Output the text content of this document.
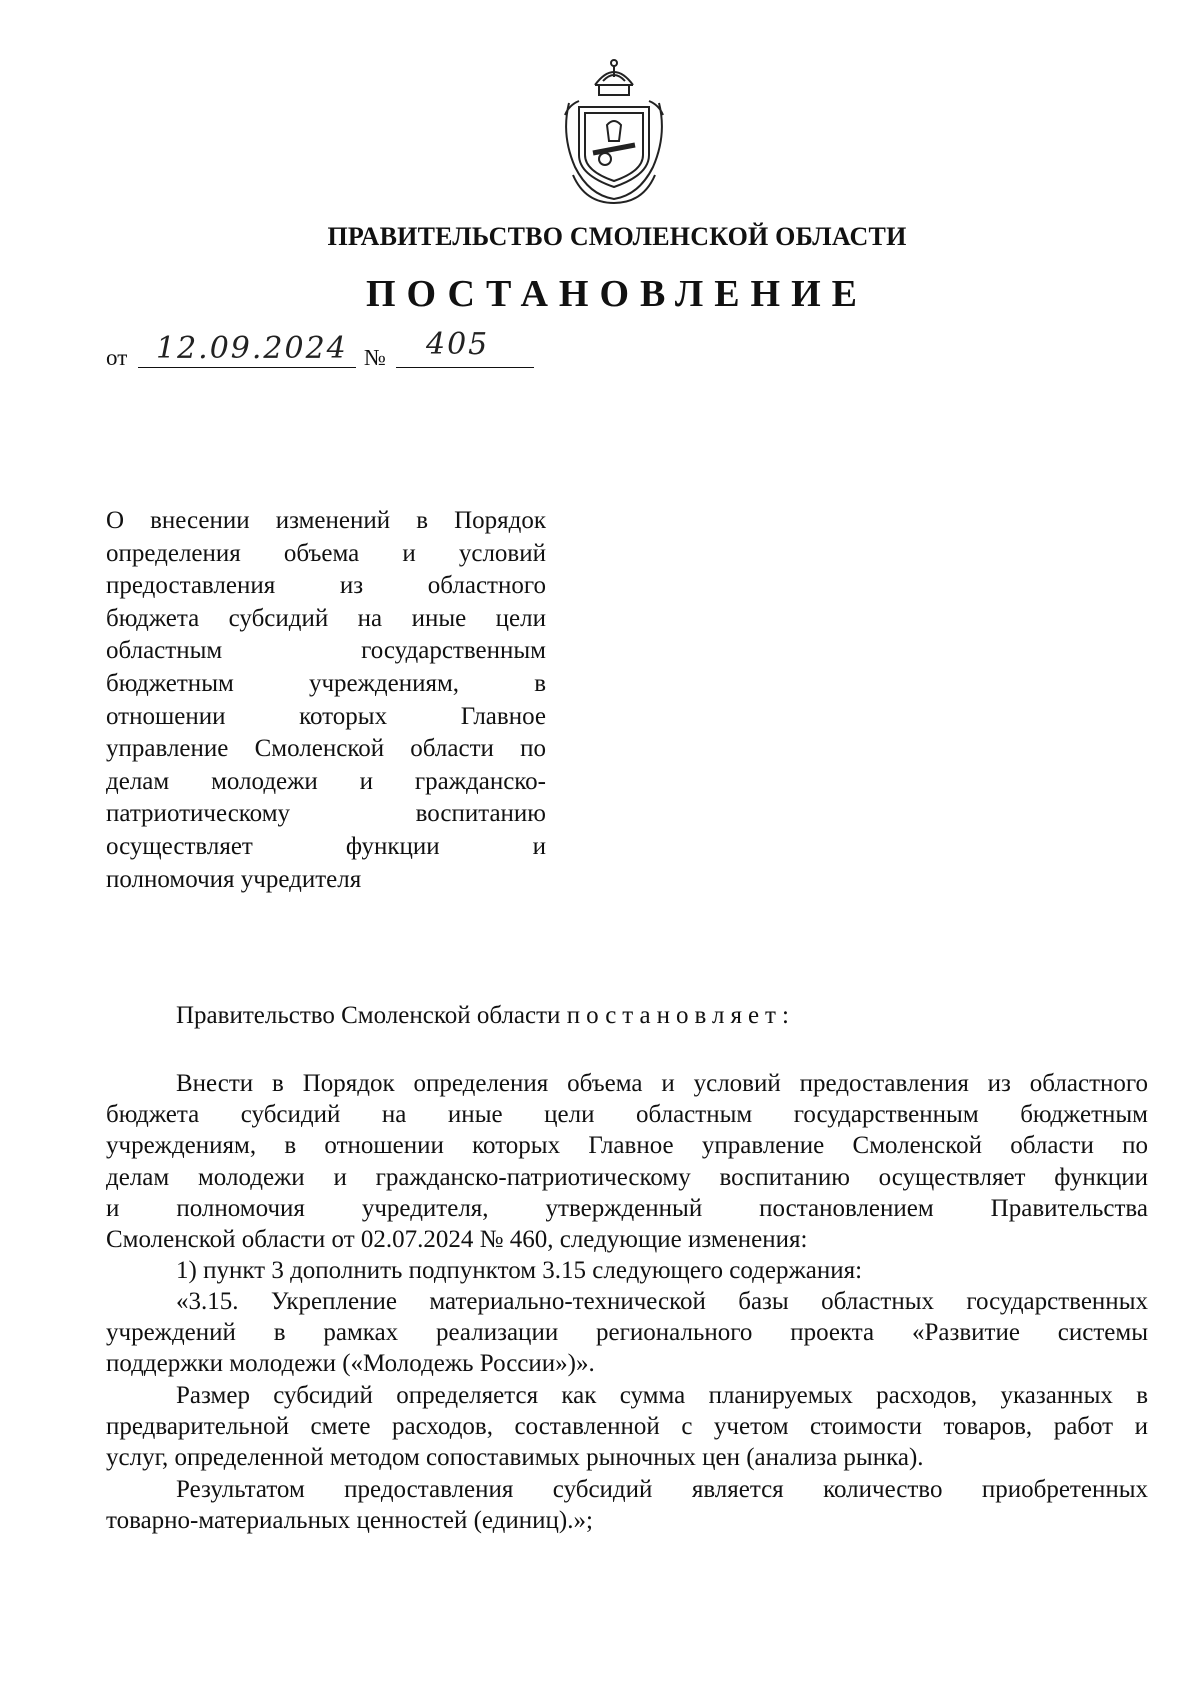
ПРАВИТЕЛЬСТВО СМОЛЕНСКОЙ ОБЛАСТИ
ПОСТАНОВЛЕНИЕ
от 12.09.2024 № 405
О внесении изменений в Порядок
определения объема и условий
предоставления из областного
бюджета субсидий на иные цели
областным государственным
бюджетным учреждениям, в
отношении которых Главное
управление Смоленской области по
делам молодежи и гражданско-
патриотическому воспитанию
осуществляет функции и
полномочия учредителя
Правительство Смоленской области постановляет:
Внести в Порядок определения объема и условий предоставления из областного
бюджета субсидий на иные цели областным государственным бюджетным
учреждениям, в отношении которых Главное управление Смоленской области по
делам молодежи и гражданско-патриотическому воспитанию осуществляет функции
и полномочия учредителя, утвержденный постановлением Правительства
Смоленской области от 02.07.2024 № 460, следующие изменения:
1) пункт 3 дополнить подпунктом 3.15 следующего содержания:
«3.15. Укрепление материально-технической базы областных государственных
учреждений в рамках реализации регионального проекта «Развитие системы
поддержки молодежи («Молодежь России»)».
Размер субсидий определяется как сумма планируемых расходов, указанных в
предварительной смете расходов, составленной с учетом стоимости товаров, работ и
услуг, определенной методом сопоставимых рыночных цен (анализа рынка).
Результатом предоставления субсидий является количество приобретенных
товарно-материальных ценностей (единиц).»;
